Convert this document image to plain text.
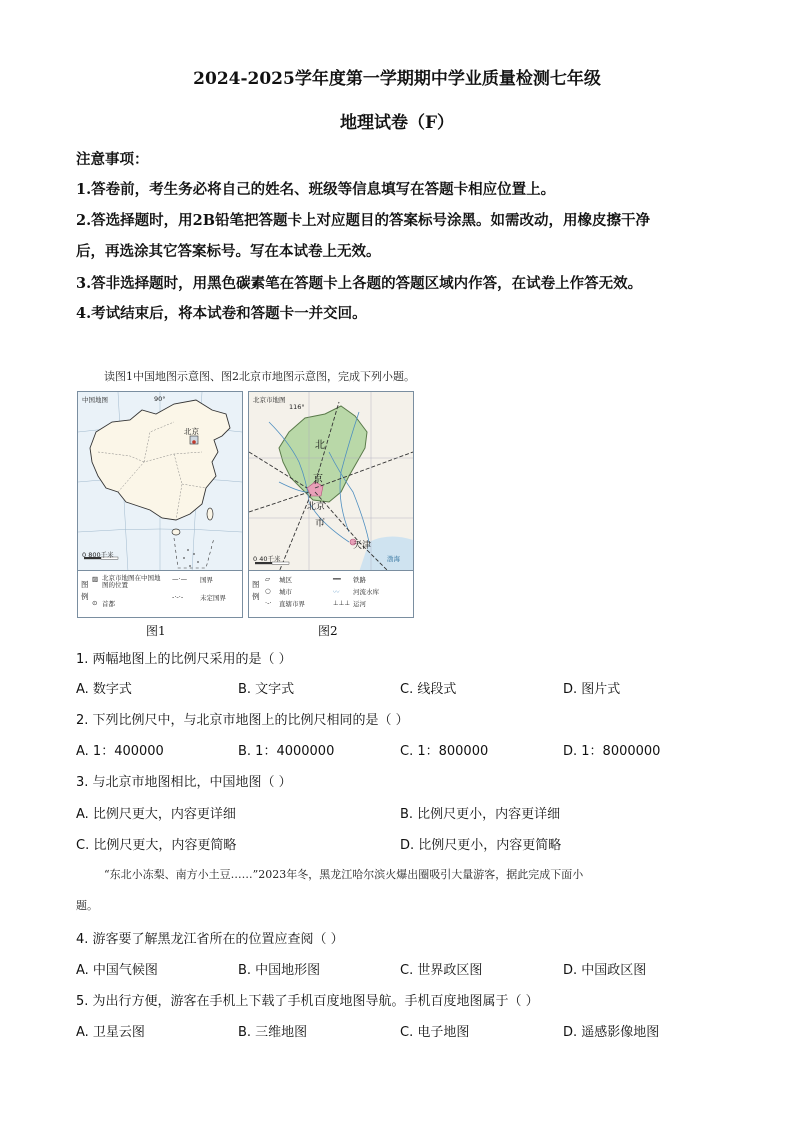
2024-2025学年度第一学期期中学业质量检测七年级
地理试卷（F）
注意事项：
1.答卷前，考生务必将自己的姓名、班级等信息填写在答题卡相应位置上。
2.答选择题时，用2B铅笔把答题卡上对应题目的答案标号涂黑。如需改动，用橡皮擦干净
后，再选涂其它答案标号。写在本试卷上无效。
3.答非选择题时，用黑色碳素笔在答题卡上各题的答题区域内作答，在试卷上作答无效。
4.考试结束后，将本试卷和答题卡一并交回。
读图1中国地图示意图、图2北京市地图示意图，完成下列小题。
中国地图	90°
北京
0 800千米
图例
▨ 北京市地图在中国地图的位置
—·— 国界
⊙ 首都
-·-·-	未定国界
北京市地图
116°
北
京
市
北京
天津
渤海
0 40千米
图例
▱ 城区	━━ 铁路
○ 城市	〰 河流水库
·-· 直辖市界	⊥⊥⊥ 运河
图1	图2
1. 两幅地图上的比例尺采用的是（ ）
A. 数字式	B. 文字式	C. 线段式	D. 图片式
2. 下列比例尺中，与北京市地图上的比例尺相同的是（ ）
A. 1：400000	B. 1：4000000	C. 1：800000	D. 1：8000000
3. 与北京市地图相比，中国地图（ ）
A. 比例尺更大，内容更详细	B. 比例尺更小，内容更详细
C. 比例尺更大，内容更简略	D. 比例尺更小，内容更简略
“东北小冻梨、南方小土豆……”2023年冬，黑龙江哈尔滨火爆出圈吸引大量游客，据此完成下面小
题。
4. 游客要了解黑龙江省所在的位置应查阅（ ）
A. 中国气候图	B. 中国地形图	C. 世界政区图	D. 中国政区图
5. 为出行方便，游客在手机上下载了手机百度地图导航。手机百度地图属于（ ）
A. 卫星云图	B. 三维地图	C. 电子地图	D. 遥感影像地图
